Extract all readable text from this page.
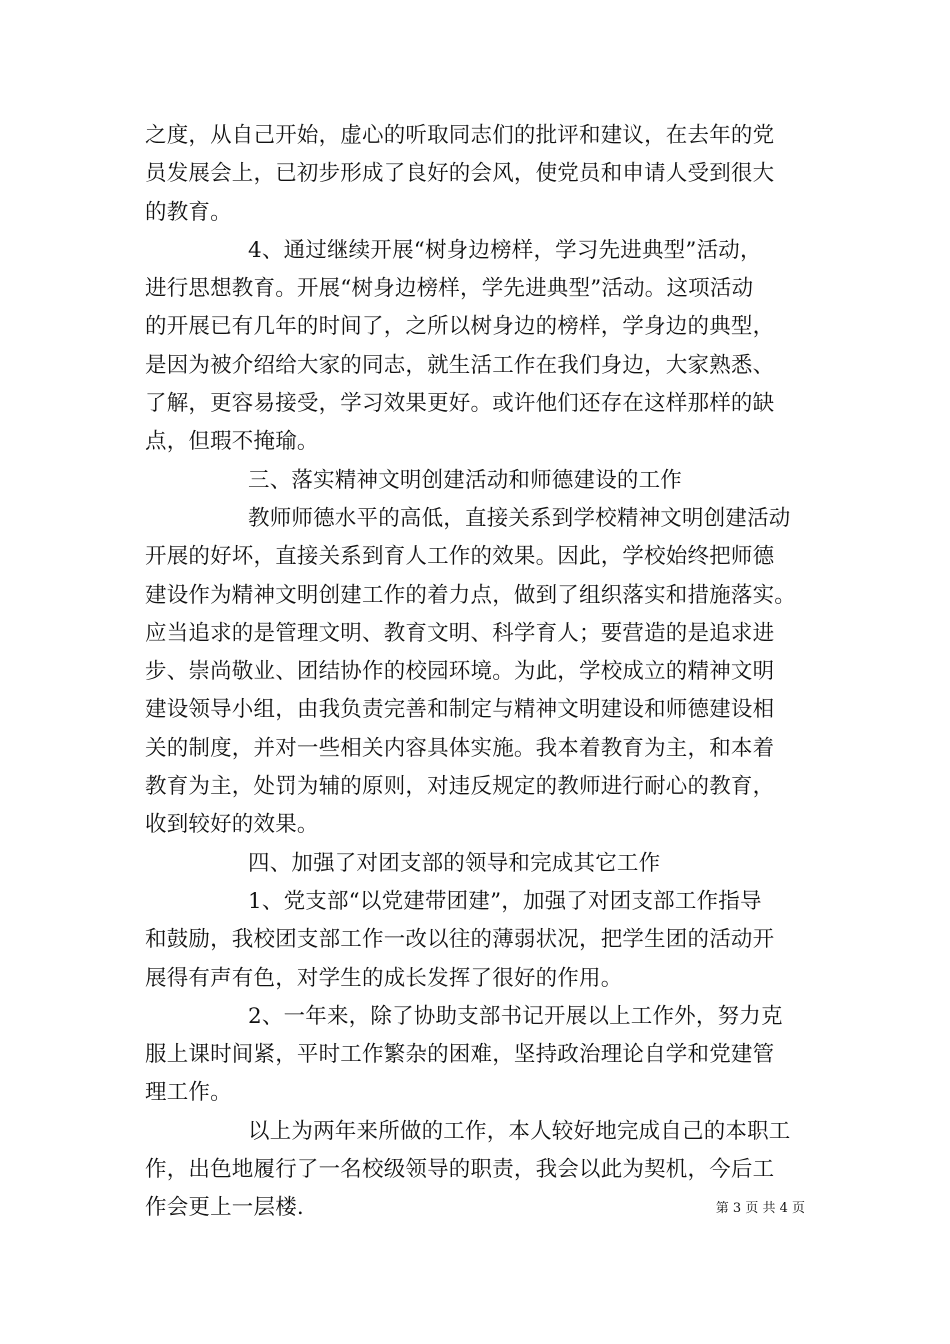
之度，从自己开始，虚心的听取同志们的批评和建议，在去年的党
员发展会上，已初步形成了良好的会风，使党员和申请人受到很大
的教育。
4、通过继续开展“树身边榜样，学习先进典型”活动，
进行思想教育。开展“树身边榜样，学先进典型”活动。这项活动
的开展已有几年的时间了，之所以树身边的榜样，学身边的典型，
是因为被介绍给大家的同志，就生活工作在我们身边，大家熟悉、
了解，更容易接受，学习效果更好。或许他们还存在这样那样的缺
点，但瑕不掩瑜。
三、落实精神文明创建活动和师德建设的工作
教师师德水平的高低，直接关系到学校精神文明创建活动
开展的好坏，直接关系到育人工作的效果。因此，学校始终把师德
建设作为精神文明创建工作的着力点，做到了组织落实和措施落实。
应当追求的是管理文明、教育文明、科学育人；要营造的是追求进
步、崇尚敬业、团结协作的校园环境。为此，学校成立的精神文明
建设领导小组，由我负责完善和制定与精神文明建设和师德建设相
关的制度，并对一些相关内容具体实施。我本着教育为主，和本着
教育为主，处罚为辅的原则，对违反规定的教师进行耐心的教育，
收到较好的效果。
四、加强了对团支部的领导和完成其它工作
1、党支部“以党建带团建”，加强了对团支部工作指导
和鼓励，我校团支部工作一改以往的薄弱状况，把学生团的活动开
展得有声有色，对学生的成长发挥了很好的作用。
2、一年来，除了协助支部书记开展以上工作外，努力克
服上课时间紧，平时工作繁杂的困难，坚持政治理论自学和党建管
理工作。
以上为两年来所做的工作，本人较好地完成自己的本职工
作，出色地履行了一名校级领导的职责，我会以此为契机，今后工
作会更上一层楼.	第 3 页 共 4 页
